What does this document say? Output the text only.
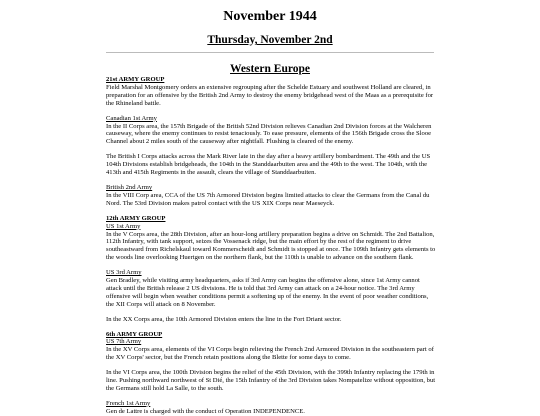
November 1944
Thursday, November 2nd
Western Europe
21st ARMY GROUP

Field Marshal Montgomery orders an extensive regrouping after the Schelde Estuary and southwest Holland are cleared, in preparation for an offensive by the British 2nd Army to destroy the enemy bridgehead west of the Maas as a prerequisite for the Rhineland battle.

Canadian 1st Army

In the II Corps area, the 157th Brigade of the British 52nd Division relieves Canadian 2nd Division forces at the Walcheren causeway, where the enemy continues to resist tenaciously. To ease pressure, elements of the 156th Brigade cross the Slooe Channel about 2 miles south of the causeway after nightfall. Flushing is cleared of the enemy.

The British I Corps attacks across the Mark River late in the day after a heavy artillery bombardment. The 49th and the US 104th Divisions establish bridgeheads, the 104th in the Standdaarbuiten area and the 49th to the west. The 104th, with the 413th and 415th Regiments in the assault, clears the village of Standdaarbuiten.

British 2nd Army

In the VIII Corp area, CCA of the US 7th Armored Division begins limited attacks to clear the Germans from the Canal du Nord. The 53rd Division makes patrol contact with the US XIX Corps near Maeseyck.

12th ARMY GROUP
US 1st Army

In the V Corps area, the 28th Division, after an hour-long artillery preparation begins a drive on Schmidt. The 2nd Battalion, 112th Infantry, with tank support, seizes the Vossenack ridge, but the main effort by the rest of the regiment to drive southeastward from Richelskaul toward Kommerscheidt and Schmidt is stopped at once. The 109th Infantry gets elements to the woods line overlooking Huertgen on the northern flank, but the 110th is unable to advance on the southern flank.

US 3rd Army

Gen Bradley, while visiting army headquarters, asks if 3rd Army can begins the offensive alone, since 1st Army cannot attack until the British release 2 US divisions. He is told that 3rd Army can attack on a 24-hour notice. The 3rd Army offensive will begin when weather conditions permit a softening up of the enemy. In the event of poor weather conditions, the XII Corps will attack on 8 November.

In the XX Corps area, the 10th Armored Division enters the line in the Fort Driant sector.

6th ARMY GROUP
US 7th Army

In the XV Corps area, elements of the VI Corps begin relieving the French 2nd Armored Division in the southeastern part of the XV Corps' sector, but the French retain positions along the Blette for some days to come.

In the VI Corps area, the 100th Division begins the relief of the 45th Division, with the 399th Infantry replacing the 179th in line. Pushing northward northwest of St Dié, the 15th Infantry of the 3rd Division takes Nompatelize without opposition, but the Germans still hold La Salle, to the south.

French 1st Army

Gen de Lattre is charged with the conduct of Operation INDEPENDENCE.
